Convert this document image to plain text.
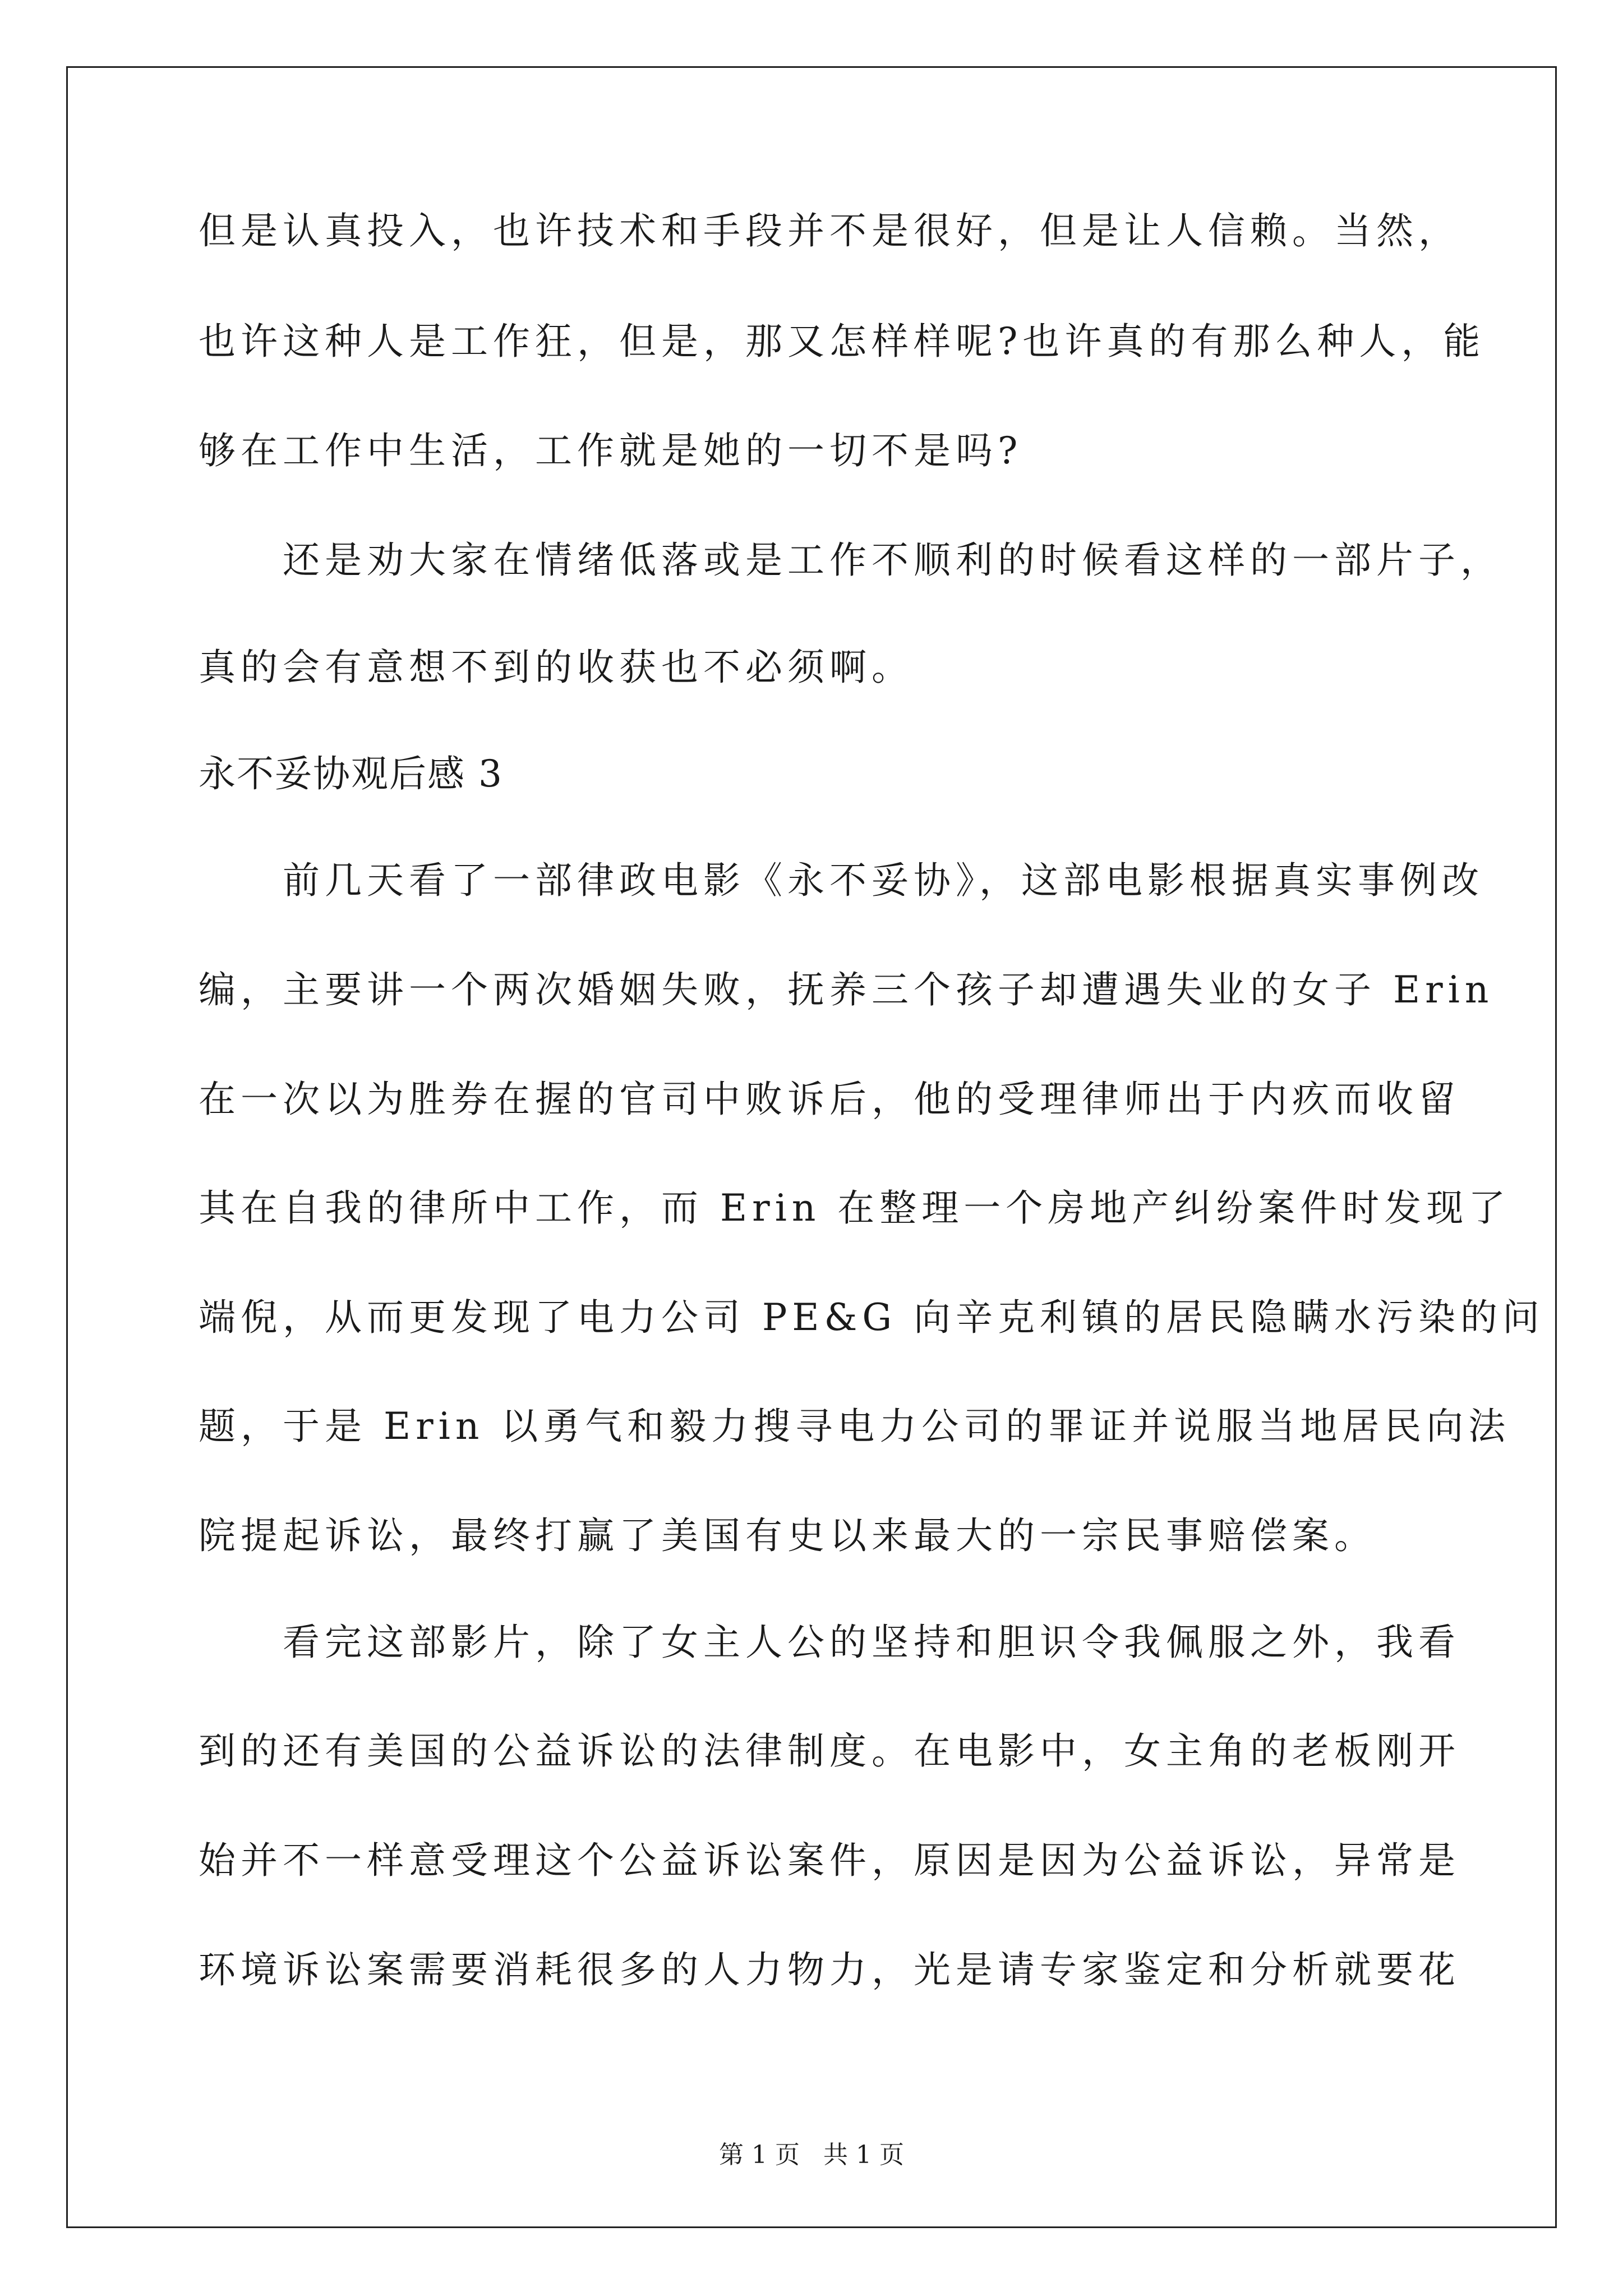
但是认真投入，也许技术和手段并不是很好，但是让人信赖。当然，
也许这种人是工作狂，但是，那又怎样样呢?也许真的有那么种人，能
够在工作中生活，工作就是她的一切不是吗?
　　还是劝大家在情绪低落或是工作不顺利的时候看这样的一部片子，
真的会有意想不到的收获也不必须啊。
永不妥协观后感 3
　　前几天看了一部律政电影《永不妥协》，这部电影根据真实事例改
编，主要讲一个两次婚姻失败，抚养三个孩子却遭遇失业的女子 Erin
在一次以为胜券在握的官司中败诉后，他的受理律师出于内疚而收留
其在自我的律所中工作，而 Erin 在整理一个房地产纠纷案件时发现了
端倪，从而更发现了电力公司 PE&G 向辛克利镇的居民隐瞒水污染的问
题，于是 Erin 以勇气和毅力搜寻电力公司的罪证并说服当地居民向法
院提起诉讼，最终打赢了美国有史以来最大的一宗民事赔偿案。
　　看完这部影片，除了女主人公的坚持和胆识令我佩服之外，我看
到的还有美国的公益诉讼的法律制度。在电影中，女主角的老板刚开
始并不一样意受理这个公益诉讼案件，原因是因为公益诉讼，异常是
环境诉讼案需要消耗很多的人力物力，光是请专家鉴定和分析就要花
第 1 页 共 1 页
